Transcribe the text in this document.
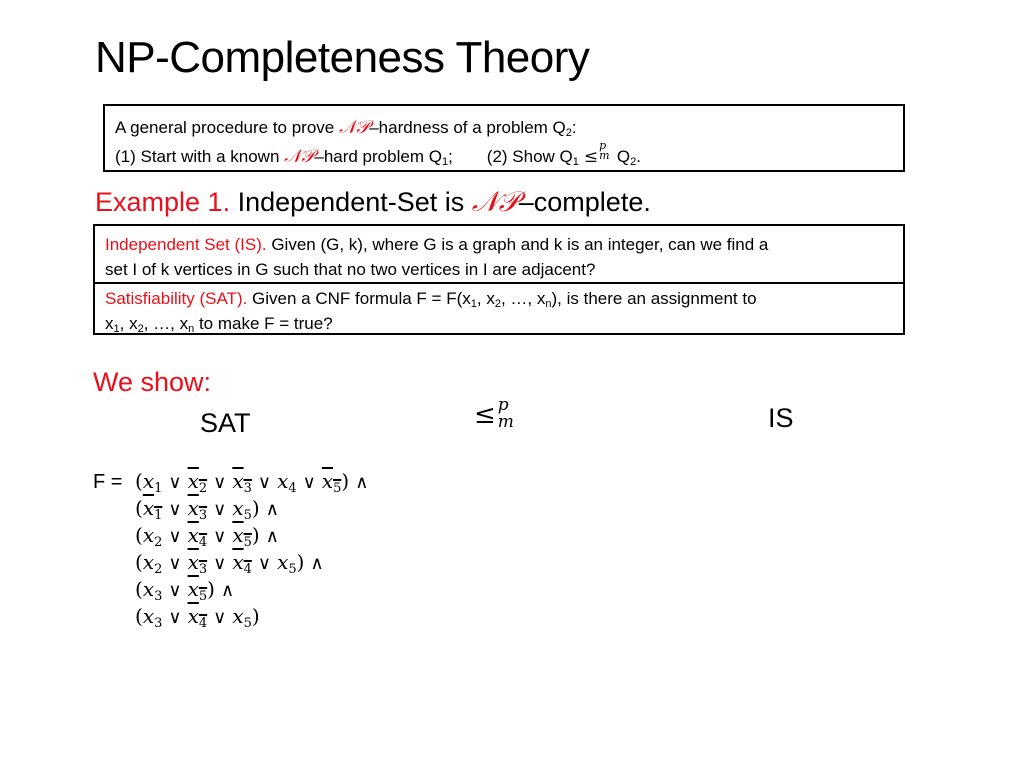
NP-Completeness Theory
A general procedure to prove 𝒩𝒫–hardness of a problem $Q_2$:
(1) Start with a known 𝒩𝒫–hard problem $Q_1$; (2) Show $Q_1$ ≤
p
m $Q_2$.
Example 1. Independent-Set is 𝒩𝒫–complete.
Independent Set (IS). Given (G, k), where G is a graph and k is an integer, can we find a
set I of k vertices in G such that no two vertices in I are adjacent?
Satisfiability (SAT). Given a CNF formula $F = F(x_1$, $x_2$, …, $x_n$), is there an assignment to
$x_1$, $x_2$, …, $x_n$ to make F = true?
We show:
SAT	≤ p
m	IS
$F =(x_1$ ∨ $x_2$ ∨ $x_3$ ∨ $x_4$ ∨ $x_5$) ∧
($x_1$ ∨ $x_3$ ∨ $x_5$) ∧
($x_2$ ∨ $x_4$ ∨ $x_5$) ∧
($x_2$ ∨ $x_3$ ∨ $x_4$ ∨ $x_5$) ∧
($x_3$ ∨ $x_5$) ∧
($x_3$ ∨ $x_4$ ∨ $x_5$)
